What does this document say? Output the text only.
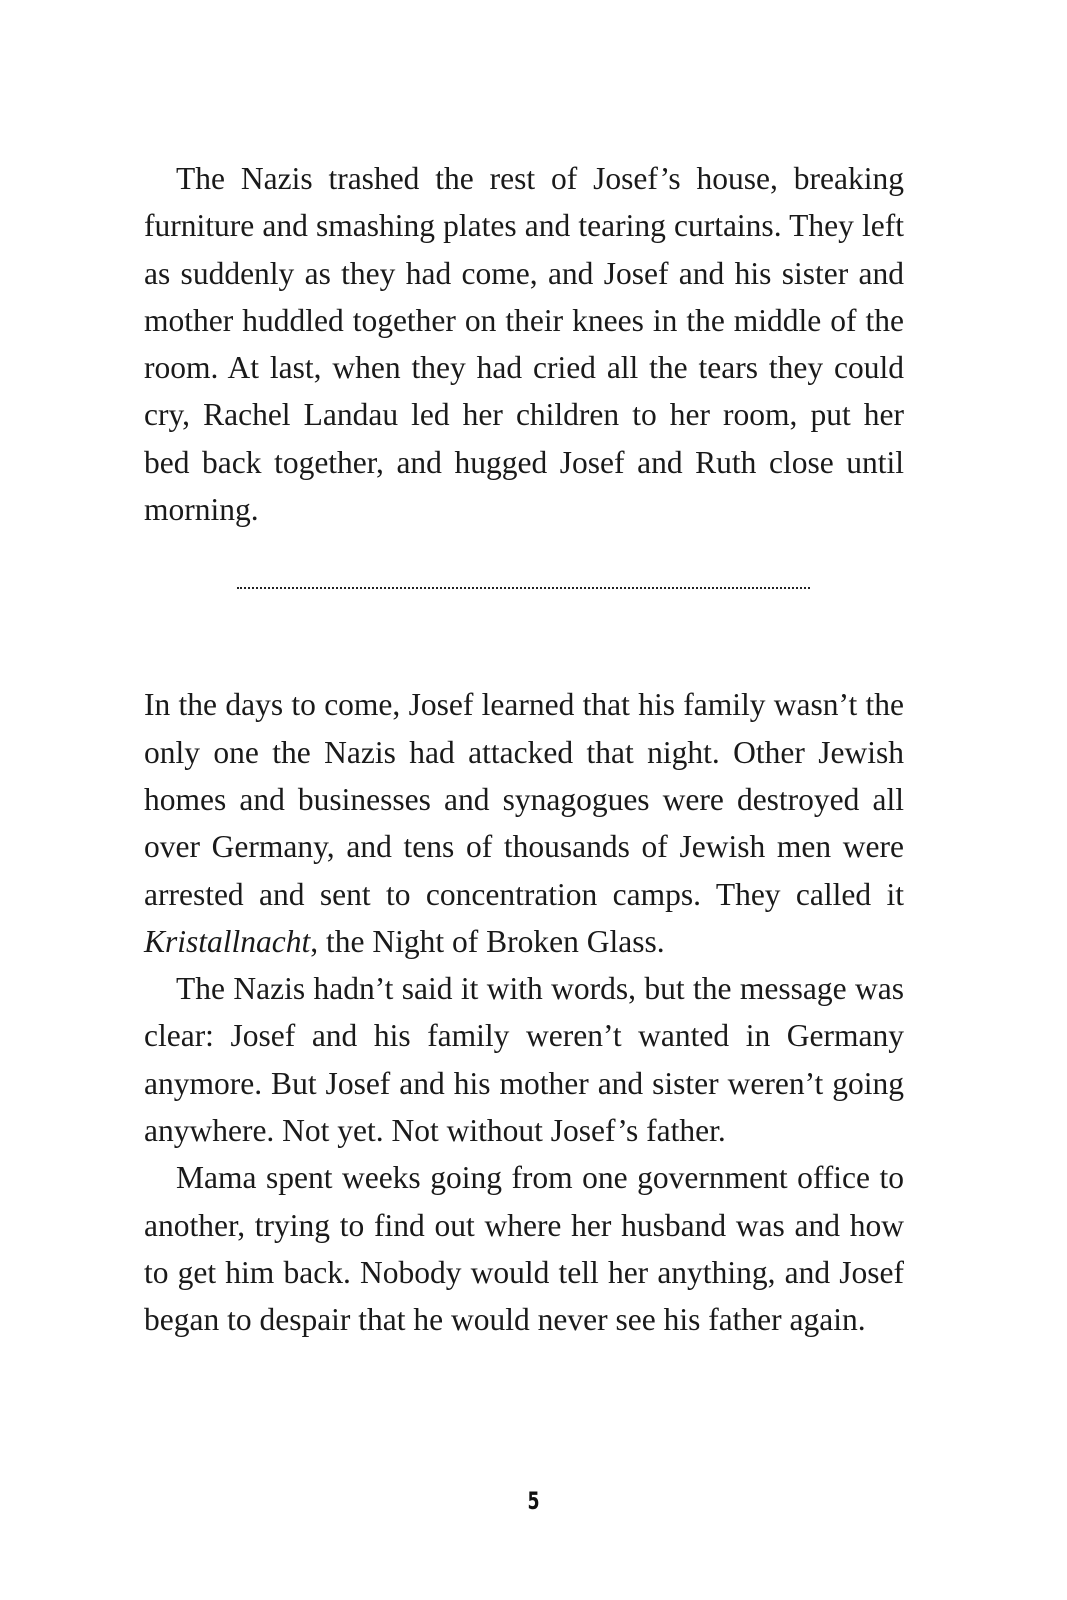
The Nazis trashed the rest of Josef’s house, breaking furniture and smashing plates and tearing curtains. They left as suddenly as they had come, and Josef and his sister and mother huddled together on their knees in the middle of the room. At last, when they had cried all the tears they could cry, Rachel Landau led her children to her room, put her bed back together, and hugged Josef and Ruth close until morning.

In the days to come, Josef learned that his family wasn’t the only one the Nazis had attacked that night. Other Jewish homes and businesses and synagogues were destroyed all over Germany, and tens of thousands of Jewish men were arrested and sent to concentration camps. They called it Kristallnacht, the Night of Broken Glass.

The Nazis hadn’t said it with words, but the message was clear: Josef and his family weren’t wanted in Germany anymore. But Josef and his mother and sister weren’t going anywhere. Not yet. Not without Josef’s father.

Mama spent weeks going from one government office to another, trying to find out where her husband was and how to get him back. Nobody would tell her anything, and Josef began to despair that he would never see his father again.

5
